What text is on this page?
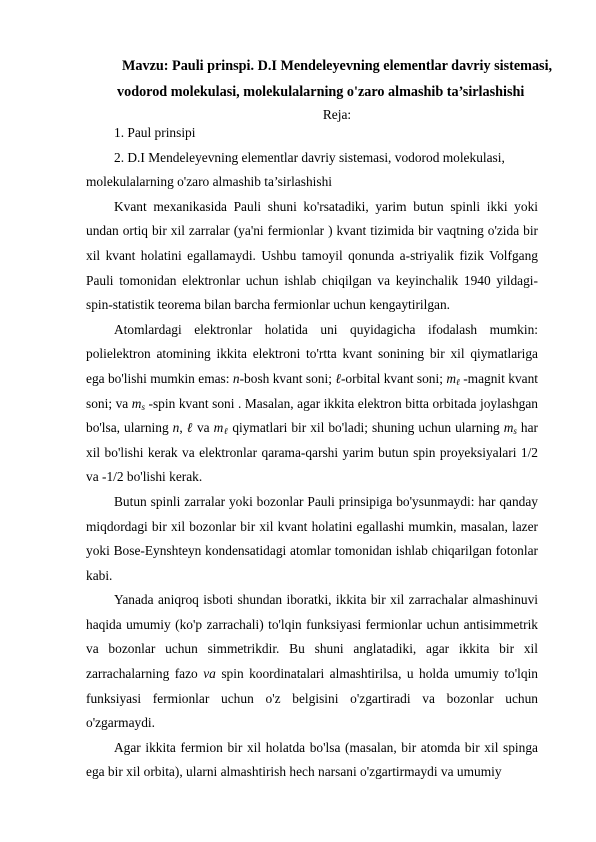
Mavzu: Pauli prinspi. D.I Mendeleyevning elementlar davriy sistemasi,
vodorod molekulasi, molekulalarning o'zaro almashib ta’sirlashishi
Reja:

1. Paul prinsipi

2. D.I Mendeleyevning elementlar davriy sistemasi, vodorod molekulasi, molekulalarning o'zaro almashib ta’sirlashishi

Kvant mexanikasida Pauli shuni ko'rsatadiki, yarim butun spinli ikki yoki undan ortiq bir xil zarralar (ya'ni fermionlar ) kvant tizimida bir vaqtning o'zida bir xil kvant holatini egallamaydi. Ushbu tamoyil qonunda a-striyalik fizik Volfgang Pauli tomonidan elektronlar uchun ishlab chiqilgan va keyinchalik 1940 yildagi- spin-statistik teorema bilan barcha fermionlar uchun kengaytirilgan.

Atomlardagi elektronlar holatida uni quyidagicha ifodalash mumkin: polielektron atomining ikkita elektroni to'rtta kvant sonining bir xil qiymatlariga ega bo'lishi mumkin emas: n-bosh kvant soni; ℓ-orbital kvant soni; $m_\ell$ -magnit kvant soni; va $m_s$ -spin kvant soni . Masalan, agar ikkita elektron bitta orbitada joylashgan bo'lsa, ularning n, ℓ va $m_\ell$ qiymatlari bir xil bo'ladi; shuning uchun ularning $m_s$ har xil bo'lishi kerak va elektronlar qarama-qarshi yarim butun spin proyeksiyalari 1/2 va -1/2 bo'lishi kerak.

Butun spinli zarralar yoki bozonlar Pauli prinsipiga bo'ysunmaydi: har qanday miqdordagi bir xil bozonlar bir xil kvant holatini egallashi mumkin, masalan, lazer yoki Bose-Eynshteyn kondensatidagi atomlar tomonidan ishlab chiqarilgan fotonlar kabi.

Yanada aniqroq isboti shundan iboratki, ikkita bir xil zarrachalar almashinuvi haqida umumiy (ko'p zarrachali) to'lqin funksiyasi fermionlar uchun antisimmetrik va bozonlar uchun simmetrikdir. Bu shuni anglatadiki, agar ikkita bir xil zarrachalarning fazo va spin koordinatalari almashtirilsa, u holda umumiy to'lqin funksiyasi fermionlar uchun o'z belgisini o'zgartiradi va bozonlar uchun o'zgarmaydi.

Agar ikkita fermion bir xil holatda bo'lsa (masalan, bir atomda bir xil spinga ega bir xil orbita), ularni almashtirish hech narsani o'zgartirmaydi va umumiy
